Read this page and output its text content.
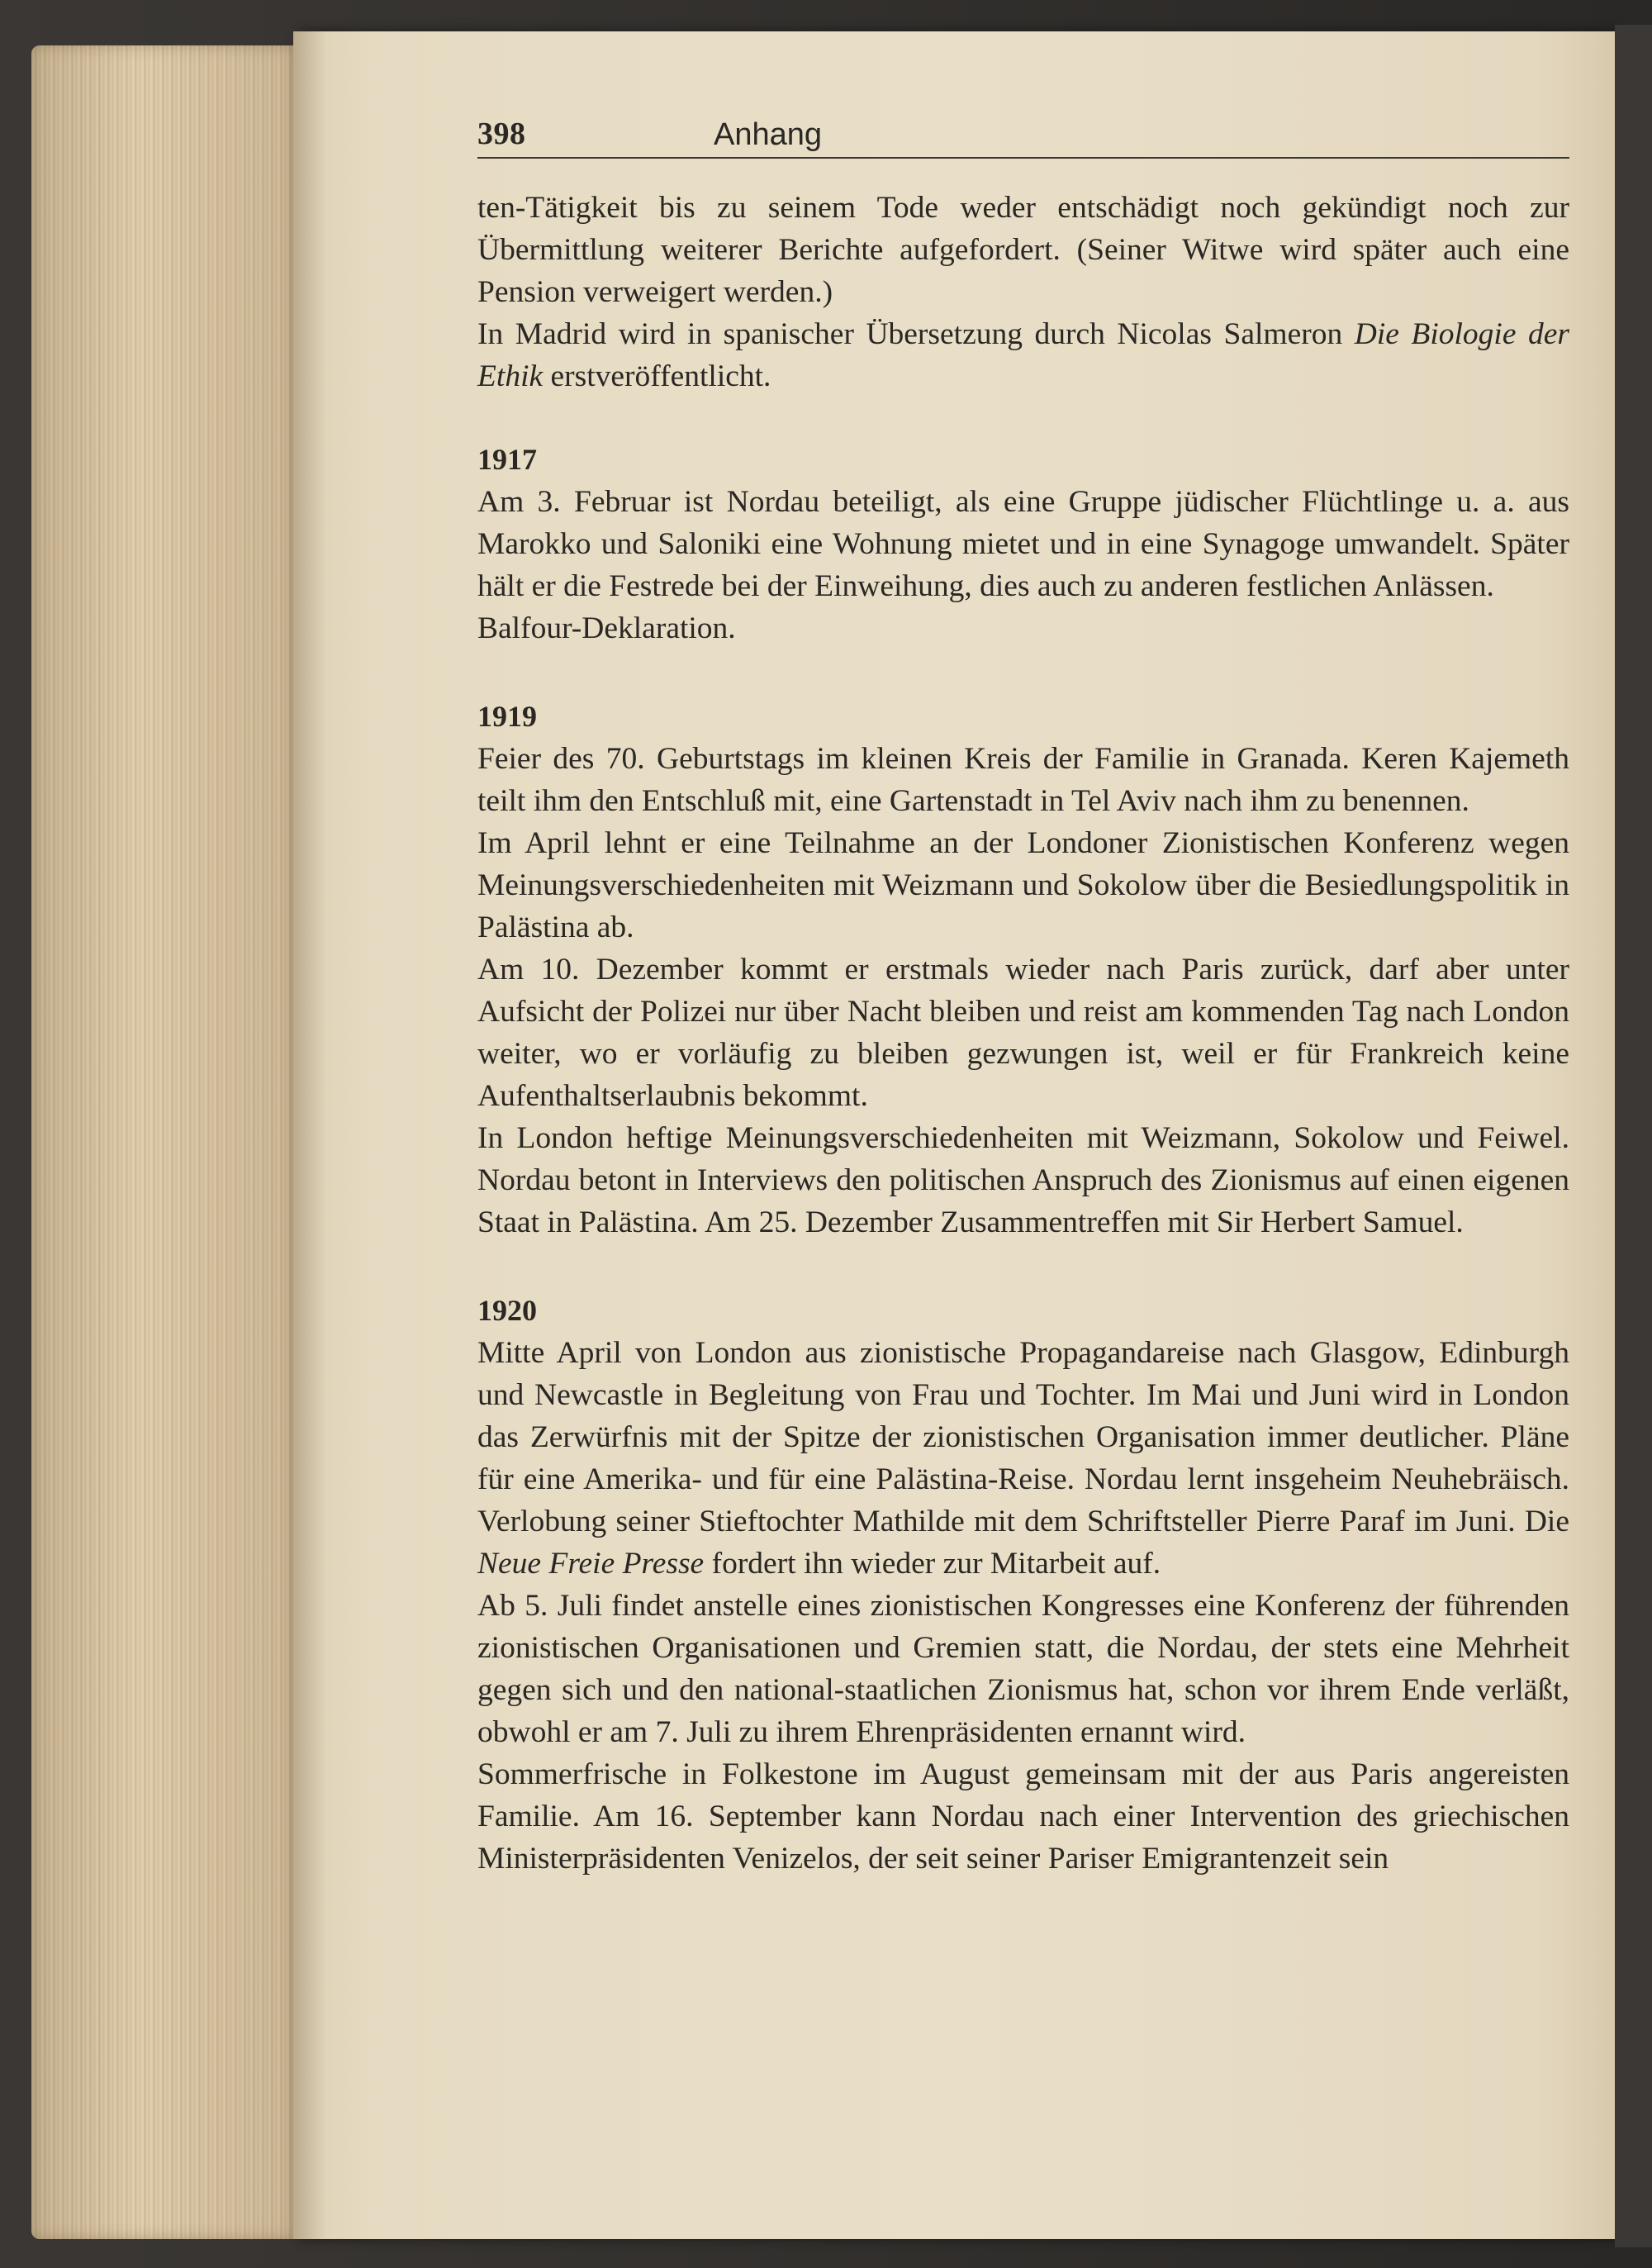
398	Anhang

ten-Tätigkeit bis zu seinem Tode weder entschädigt noch gekündigt noch zur Übermittlung weiterer Berichte aufgefordert. (Seiner Witwe wird später auch eine Pension verweigert werden.)

In Madrid wird in spanischer Übersetzung durch Nicolas Salmeron Die Biologie der Ethik erstveröffentlicht.

1917

Am 3. Februar ist Nordau beteiligt, als eine Gruppe jüdischer Flüchtlinge u. a. aus Marokko und Saloniki eine Wohnung mietet und in eine Synagoge umwandelt. Später hält er die Festrede bei der Einweihung, dies auch zu anderen festlichen Anlässen.

Balfour-Deklaration.

1919

Feier des 70. Geburtstags im kleinen Kreis der Familie in Granada. Keren Kajemeth teilt ihm den Entschluß mit, eine Gartenstadt in Tel Aviv nach ihm zu benennen.

Im April lehnt er eine Teilnahme an der Londoner Zionistischen Konferenz wegen Meinungsverschiedenheiten mit Weizmann und Sokolow über die Besiedlungspolitik in Palästina ab.

Am 10. Dezember kommt er erstmals wieder nach Paris zurück, darf aber unter Aufsicht der Polizei nur über Nacht bleiben und reist am kommenden Tag nach London weiter, wo er vorläufig zu bleiben gezwungen ist, weil er für Frankreich keine Aufenthaltserlaubnis bekommt.

In London heftige Meinungsverschiedenheiten mit Weizmann, Sokolow und Feiwel. Nordau betont in Interviews den politischen Anspruch des Zionismus auf einen eigenen Staat in Palästina. Am 25. Dezember Zusammentreffen mit Sir Herbert Samuel.

1920

Mitte April von London aus zionistische Propagandareise nach Glasgow, Edinburgh und Newcastle in Begleitung von Frau und Tochter. Im Mai und Juni wird in London das Zerwürfnis mit der Spitze der zionistischen Organisation immer deutlicher. Pläne für eine Amerika- und für eine Palästina-Reise. Nordau lernt insgeheim Neuhebräisch. Verlobung seiner Stieftochter Mathilde mit dem Schriftsteller Pierre Paraf im Juni. Die Neue Freie Presse fordert ihn wieder zur Mitarbeit auf.

Ab 5. Juli findet anstelle eines zionistischen Kongresses eine Konferenz der führenden zionistischen Organisationen und Gremien statt, die Nordau, der stets eine Mehrheit gegen sich und den national-staatlichen Zionismus hat, schon vor ihrem Ende verläßt, obwohl er am 7. Juli zu ihrem Ehrenpräsidenten ernannt wird.

Sommerfrische in Folkestone im August gemeinsam mit der aus Paris angereisten Familie. Am 16. September kann Nordau nach einer Intervention des griechischen Ministerpräsidenten Venizelos, der seit seiner Pariser Emigrantenzeit sein
